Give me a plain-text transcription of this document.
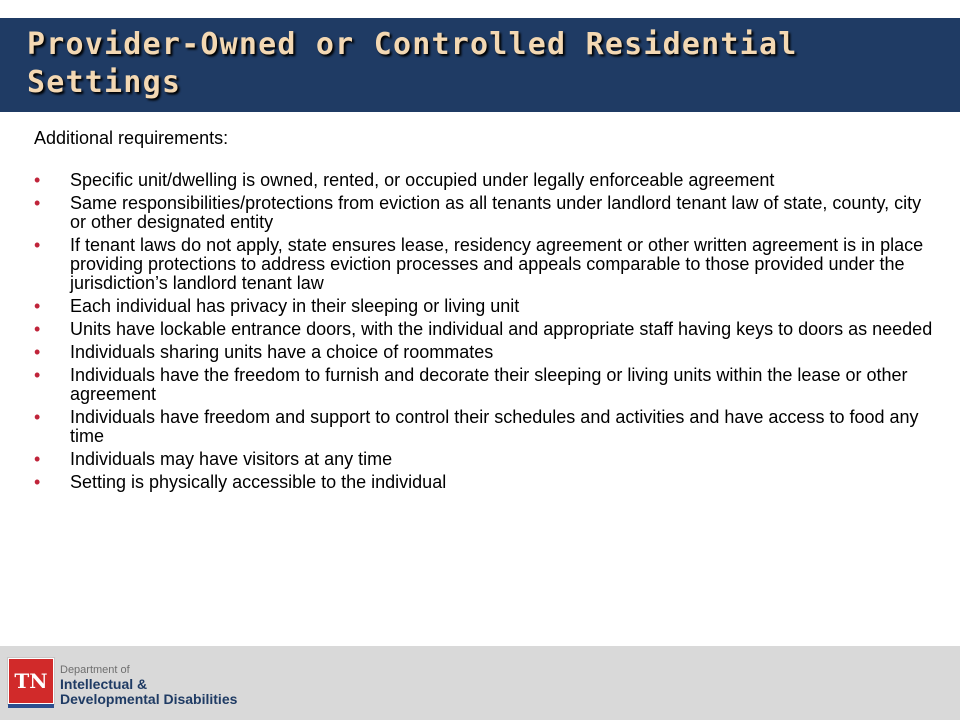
Provider-Owned or Controlled Residential Settings

Additional requirements:

• Specific unit/dwelling is owned, rented, or occupied under legally enforceable agreement
• Same responsibilities/protections from eviction as all tenants under landlord tenant law of state, county, city or other designated entity
• If tenant laws do not apply, state ensures lease, residency agreement or other written agreement is in place providing protections to address eviction processes and appeals comparable to those provided under the jurisdiction’s landlord tenant law
• Each individual has privacy in their sleeping or living unit
• Units have lockable entrance doors, with the individual and appropriate staff having keys to doors as needed
• Individuals sharing units have a choice of roommates
• Individuals have the freedom to furnish and decorate their sleeping or living units within the lease or other agreement
• Individuals have freedom and support to control their schedules and activities and have access to food any time
• Individuals may have visitors at any time
• Setting is physically accessible to the individual
TN	Department of
Intellectual &
Developmental Disabilities
